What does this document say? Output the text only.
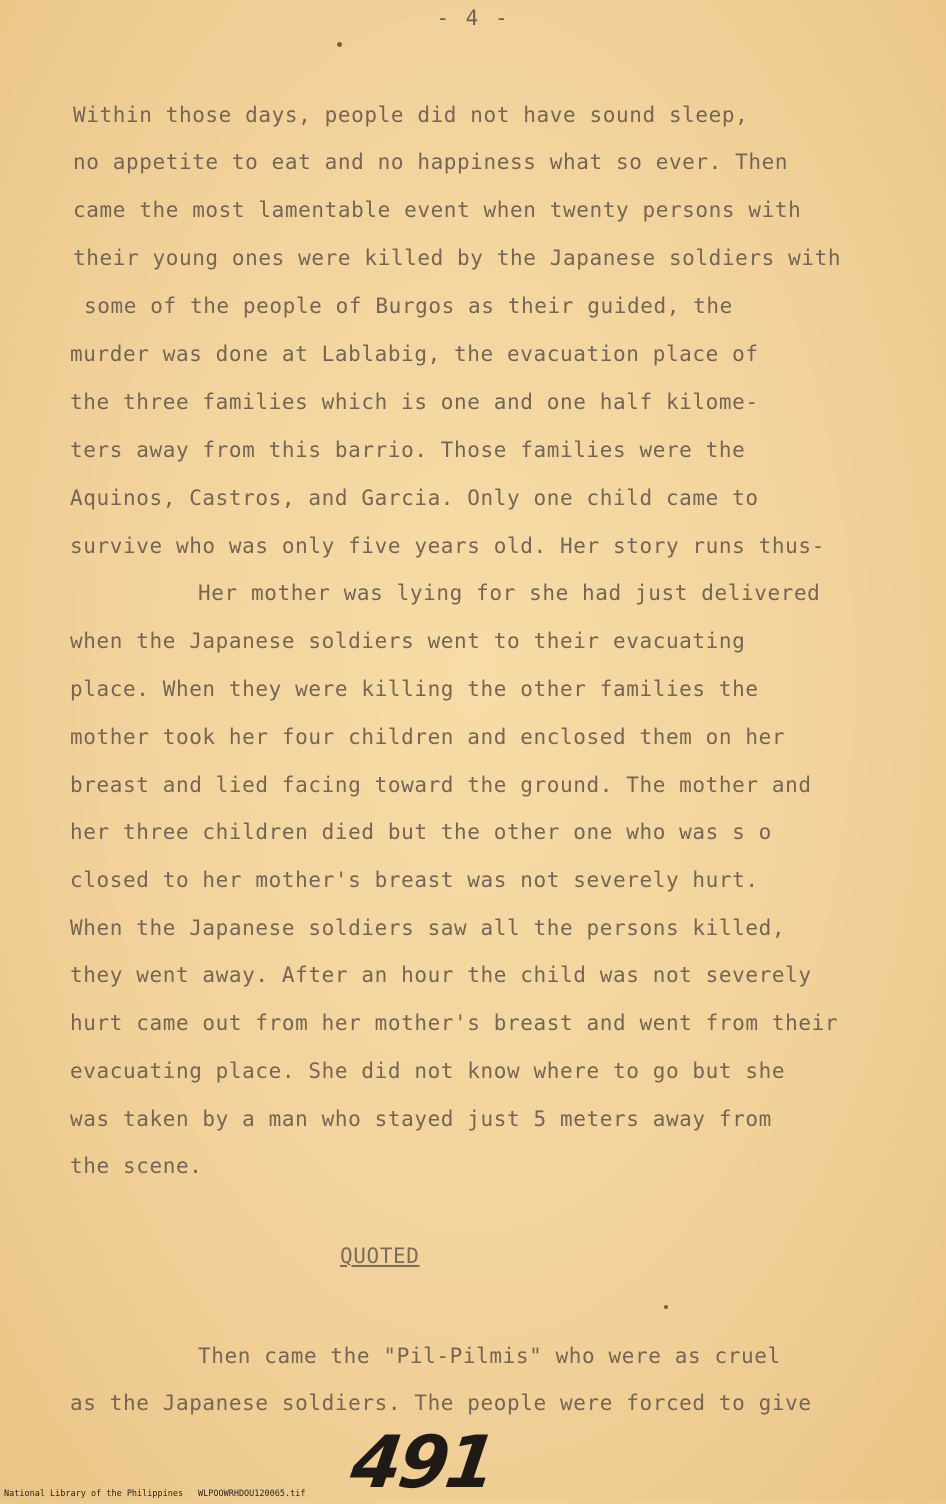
- 4 -
Within those days, people did not have sound sleep,
no appetite to eat and no happiness what so ever. Then
came the most lamentable event when twenty persons with
their young ones were killed by the Japanese soldiers with
some of the people of Burgos as their guided, the
murder was done at Lablabig, the evacuation place of
the three families which is one and one half kilome-
ters away from this barrio. Those families were the
Aquinos, Castros, and Garcia. Only one child came to
survive who was only five years old. Her story runs thus-
Her mother was lying for she had just delivered
when the Japanese soldiers went to their evacuating
place. When they were killing the other families the
mother took her four children and enclosed them on her
breast and lied facing toward the ground. The mother and
her three children died but the other one who was s o
closed to her mother's breast was not severely hurt.
When the Japanese soldiers saw all the persons killed,
they went away. After an hour the child was not severely
hurt came out from her mother's breast and went from their
evacuating place. She did not know where to go but she
was taken by a man who stayed just 5 meters away from
the scene.
QUOTED
Then came the "Pil-Pilmis" who were as cruel
as the Japanese soldiers. The people were forced to give
491
National Library of the Philippines WLPOOWRHDOU120065.tif
